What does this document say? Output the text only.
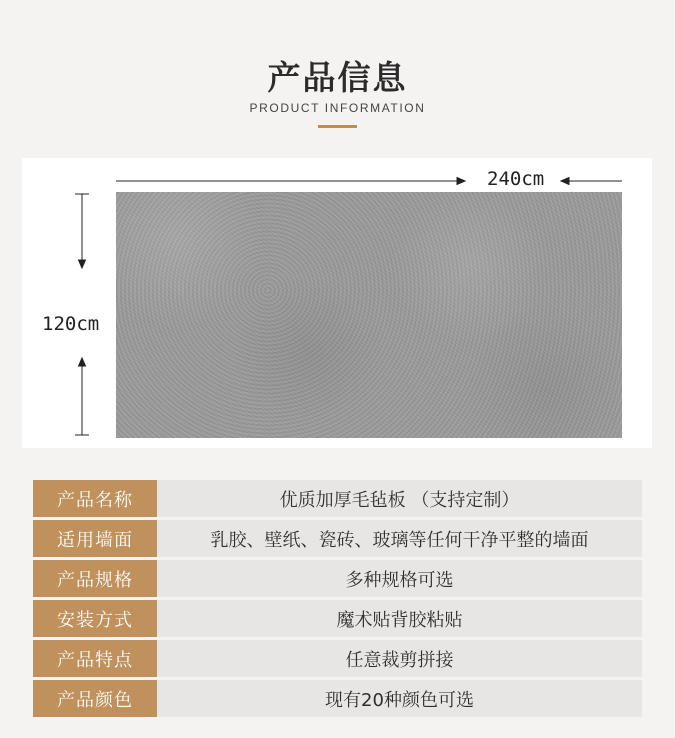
产品信息
PRODUCT INFORMATION
240cm
120cm
产品名称	优质加厚毛毡板 （支持定制）
适用墙面	乳胶、壁纸、瓷砖、玻璃等任何干净平整的墙面
产品规格	多种规格可选
安装方式	魔术贴背胶粘贴
产品特点	任意裁剪拼接
产品颜色	现有20种颜色可选
